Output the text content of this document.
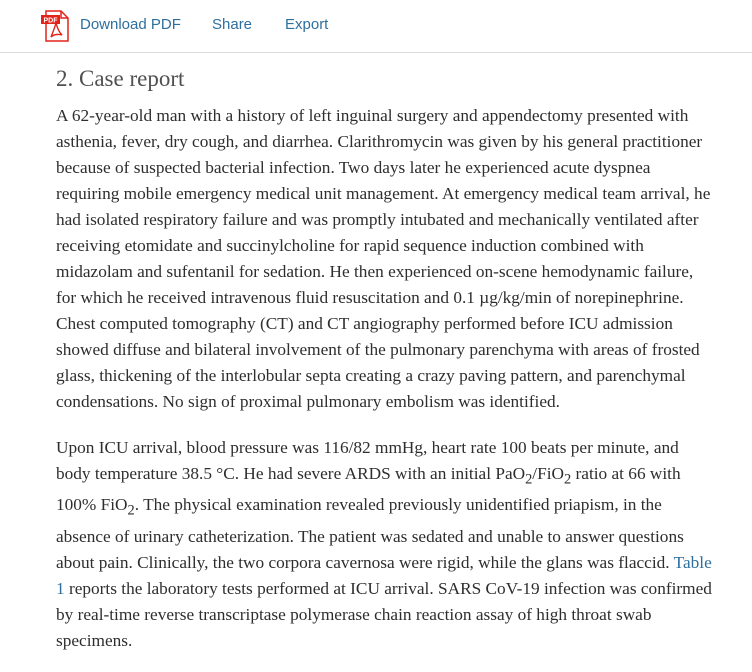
PDF Download PDF Share Export
2. Case report

A 62-year-old man with a history of left inguinal surgery and appendectomy presented with asthenia, fever, dry cough, and diarrhea. Clarithromycin was given by his general practitioner because of suspected bacterial infection. Two days later he experienced acute dyspnea requiring mobile emergency medical unit management. At emergency medical team arrival, he had isolated respiratory failure and was promptly intubated and mechanically ventilated after receiving etomidate and succinylcholine for rapid sequence induction combined with midazolam and sufentanil for sedation. He then experienced on-scene hemodynamic failure, for which he received intravenous fluid resuscitation and 0.1 µg/kg/min of norepinephrine. Chest computed tomography (CT) and CT angiography performed before ICU admission showed diffuse and bilateral involvement of the pulmonary parenchyma with areas of frosted glass, thickening of the interlobular septa creating a crazy paving pattern, and parenchymal condensations. No sign of proximal pulmonary embolism was identified.

Upon ICU arrival, blood pressure was 116/82 mmHg, heart rate 100 beats per minute, and body temperature 38.5 °C. He had severe ARDS with an initial PaO$_2$/FiO$_2$ ratio at 66 with 100% FiO$_2$. The physical examination revealed previously unidentified priapism, in the absence of urinary catheterization. The patient was sedated and unable to answer questions about pain. Clinically, the two corpora cavernosa were rigid, while the glans was flaccid. Table 1 reports the laboratory tests performed at ICU arrival. SARS CoV-19 infection was confirmed by real-time reverse transcriptase polymerase chain reaction assay of high throat swab specimens.
